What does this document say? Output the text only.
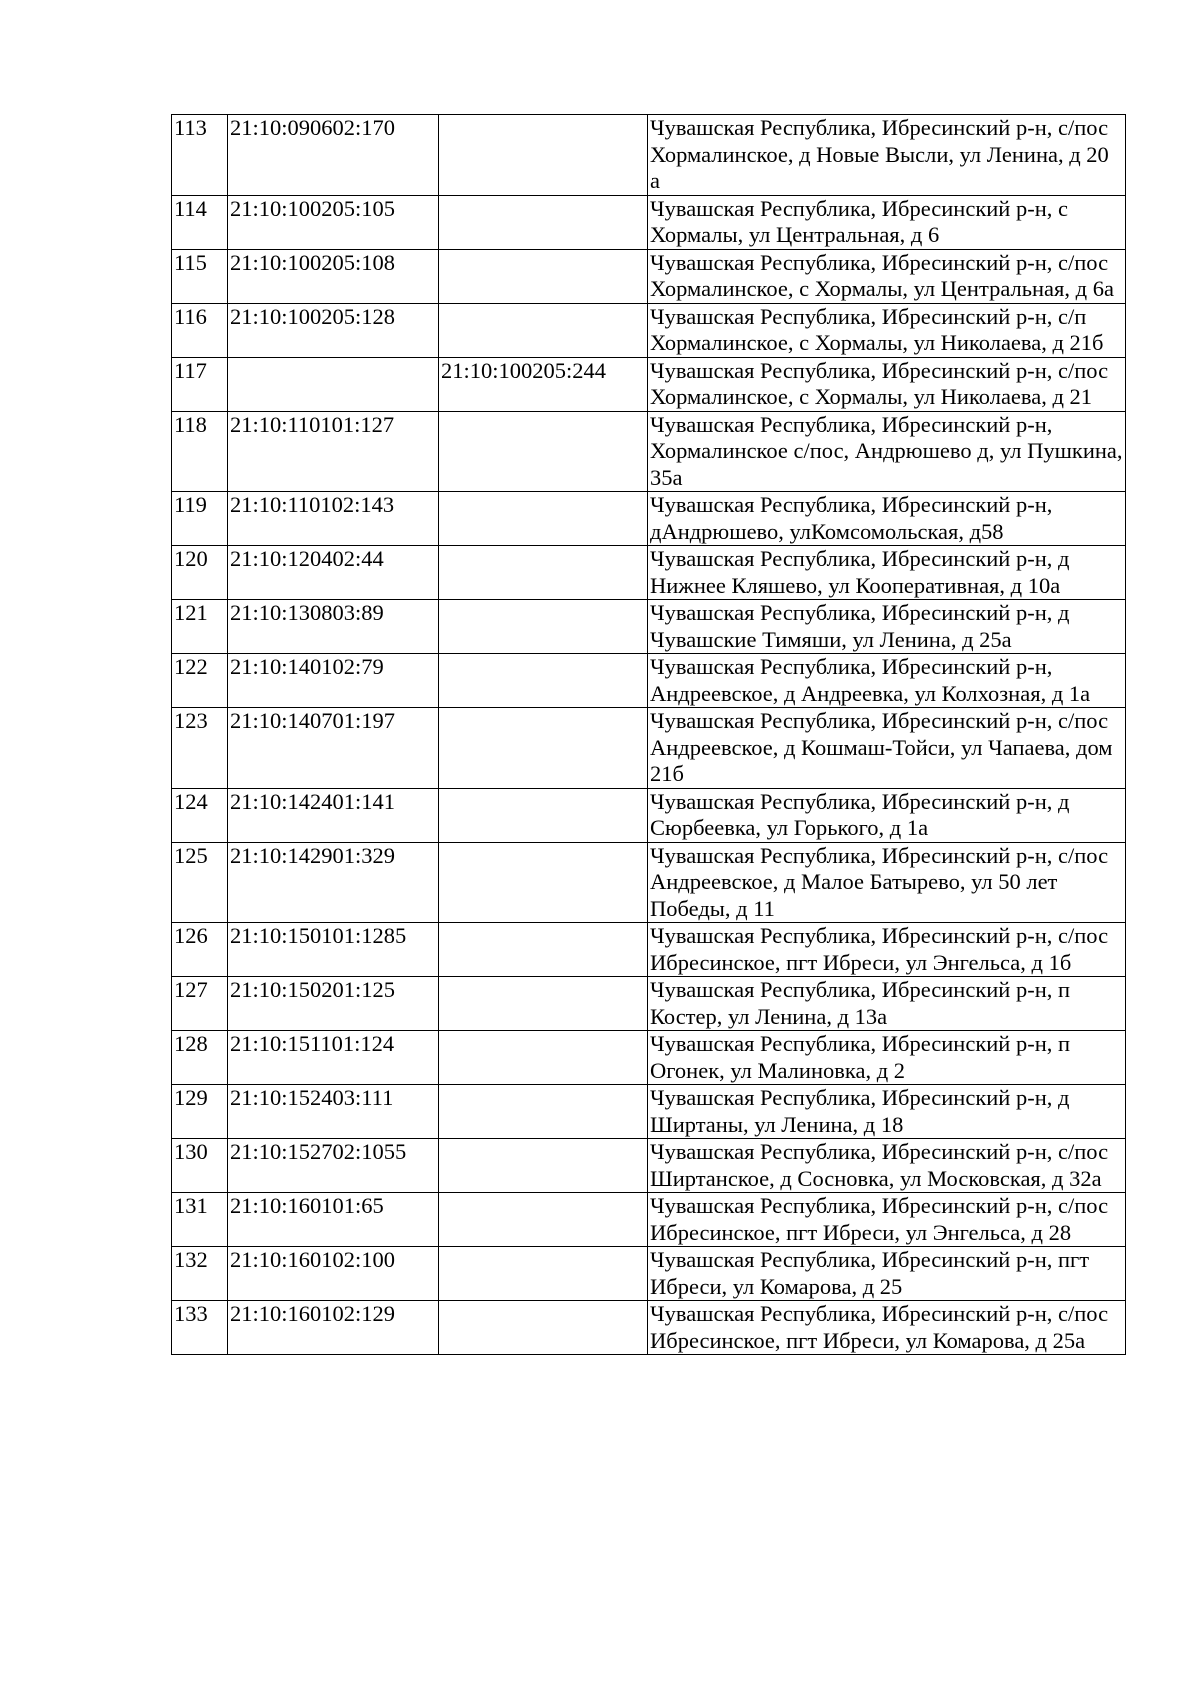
113	21:10:090602:170		Чувашская Республика, Ибресинский р-н, с/пос Хормалинское, д Новые Высли, ул Ленина, д 20 а
114	21:10:100205:105		Чувашская Республика, Ибресинский р-н, с Хормалы, ул Центральная, д 6
115	21:10:100205:108		Чувашская Республика, Ибресинский р-н, с/пос Хормалинское, с Хормалы, ул Центральная, д 6а
116	21:10:100205:128		Чувашская Республика, Ибресинский р-н, с/п Хормалинское, с Хормалы, ул Николаева, д 21б
117		21:10:100205:244	Чувашская Республика, Ибресинский р-н, с/пос Хормалинское, с Хормалы, ул Николаева, д 21
118	21:10:110101:127		Чувашская Республика, Ибресинский р-н, Хормалинское с/пос, Андрюшево д, ул Пушкина, 35а
119	21:10:110102:143		Чувашская Республика, Ибресинский р-н, дАндрюшево, улКомсомольская, д58
120	21:10:120402:44		Чувашская Республика, Ибресинский р-н, д Нижнее Кляшево, ул Кооперативная, д 10а
121	21:10:130803:89		Чувашская Республика, Ибресинский р-н, д Чувашские Тимяши, ул Ленина, д 25а
122	21:10:140102:79		Чувашская Республика, Ибресинский р-н, Андреевское, д Андреевка, ул Колхозная, д 1а
123	21:10:140701:197		Чувашская Республика, Ибресинский р-н, с/пос Андреевское, д Кошмаш-Тойси, ул Чапаева, дом 21б
124	21:10:142401:141		Чувашская Республика, Ибресинский р-н, д Сюрбеевка, ул Горького, д 1а
125	21:10:142901:329		Чувашская Республика, Ибресинский р-н, с/пос Андреевское, д Малое Батырево, ул 50 лет Победы, д 11
126	21:10:150101:1285		Чувашская Республика, Ибресинский р-н, с/пос Ибресинское, пгт Ибреси, ул Энгельса, д 1б
127	21:10:150201:125		Чувашская Республика, Ибресинский р-н, п Костер, ул Ленина, д 13а
128	21:10:151101:124		Чувашская Республика, Ибресинский р-н, п Огонек, ул Малиновка, д 2
129	21:10:152403:111		Чувашская Республика, Ибресинский р-н, д Ширтаны, ул Ленина, д 18
130	21:10:152702:1055		Чувашская Республика, Ибресинский р-н, с/пос Ширтанское, д Сосновка, ул Московская, д 32а
131	21:10:160101:65		Чувашская Республика, Ибресинский р-н, с/пос Ибресинское, пгт Ибреси, ул Энгельса, д 28
132	21:10:160102:100		Чувашская Республика, Ибресинский р-н, пгт Ибреси, ул Комарова, д 25
133	21:10:160102:129		Чувашская Республика, Ибресинский р-н, с/пос Ибресинское, пгт Ибреси, ул Комарова, д 25а
